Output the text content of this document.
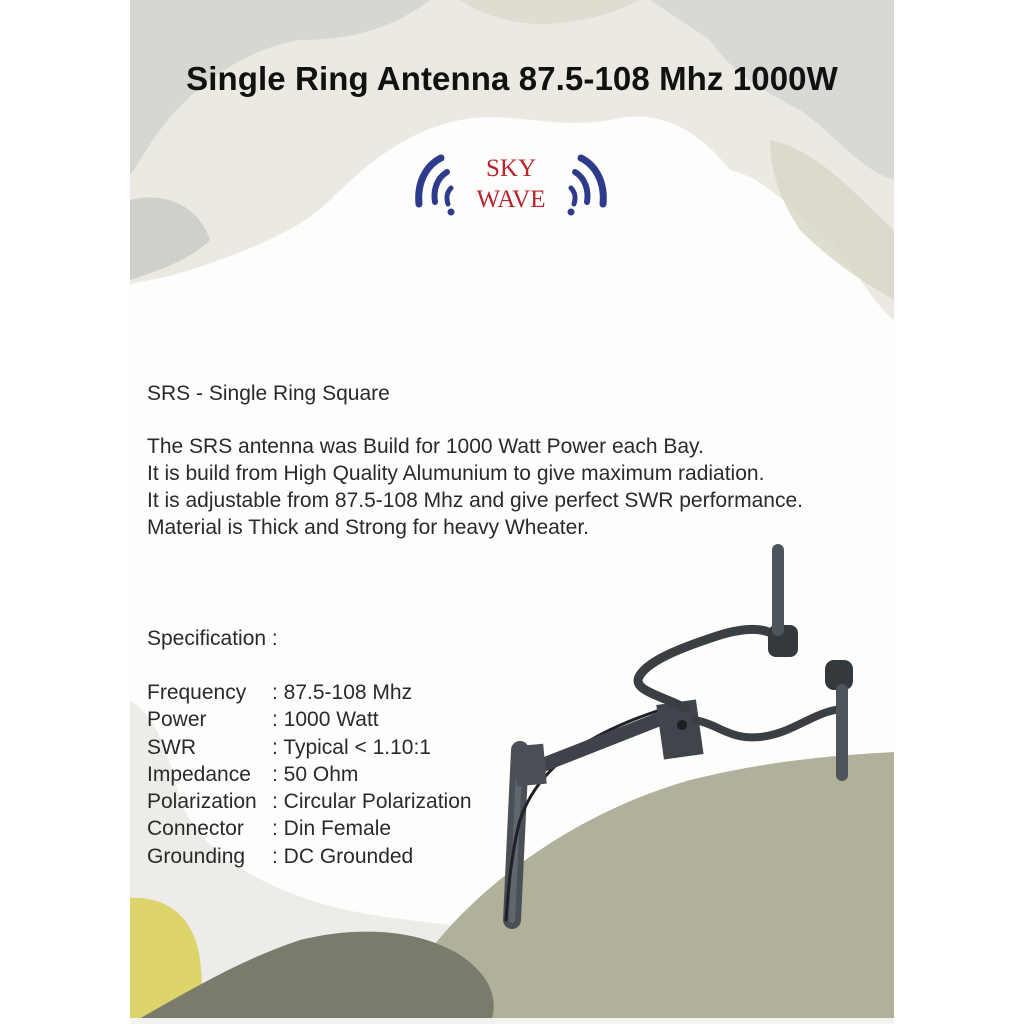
Single Ring Antenna 87.5-108 Mhz 1000W
SKY
WAVE
SRS - Single Ring Square
The SRS antenna was Build for 1000 Watt Power each Bay.
It is build from High Quality Alumunium to give maximum radiation.
It is adjustable from 87.5-108 Mhz and give perfect SWR performance.
Material is Thick and Strong for heavy Wheater.
Specification :
Frequency	: 87.5-108 Mhz
Power	: 1000 Watt
SWR	: Typical < 1.10:1
Impedance	: 50 Ohm
Polarization : Circular Polarization
Connector	: Din Female
Grounding	: DC Grounded
